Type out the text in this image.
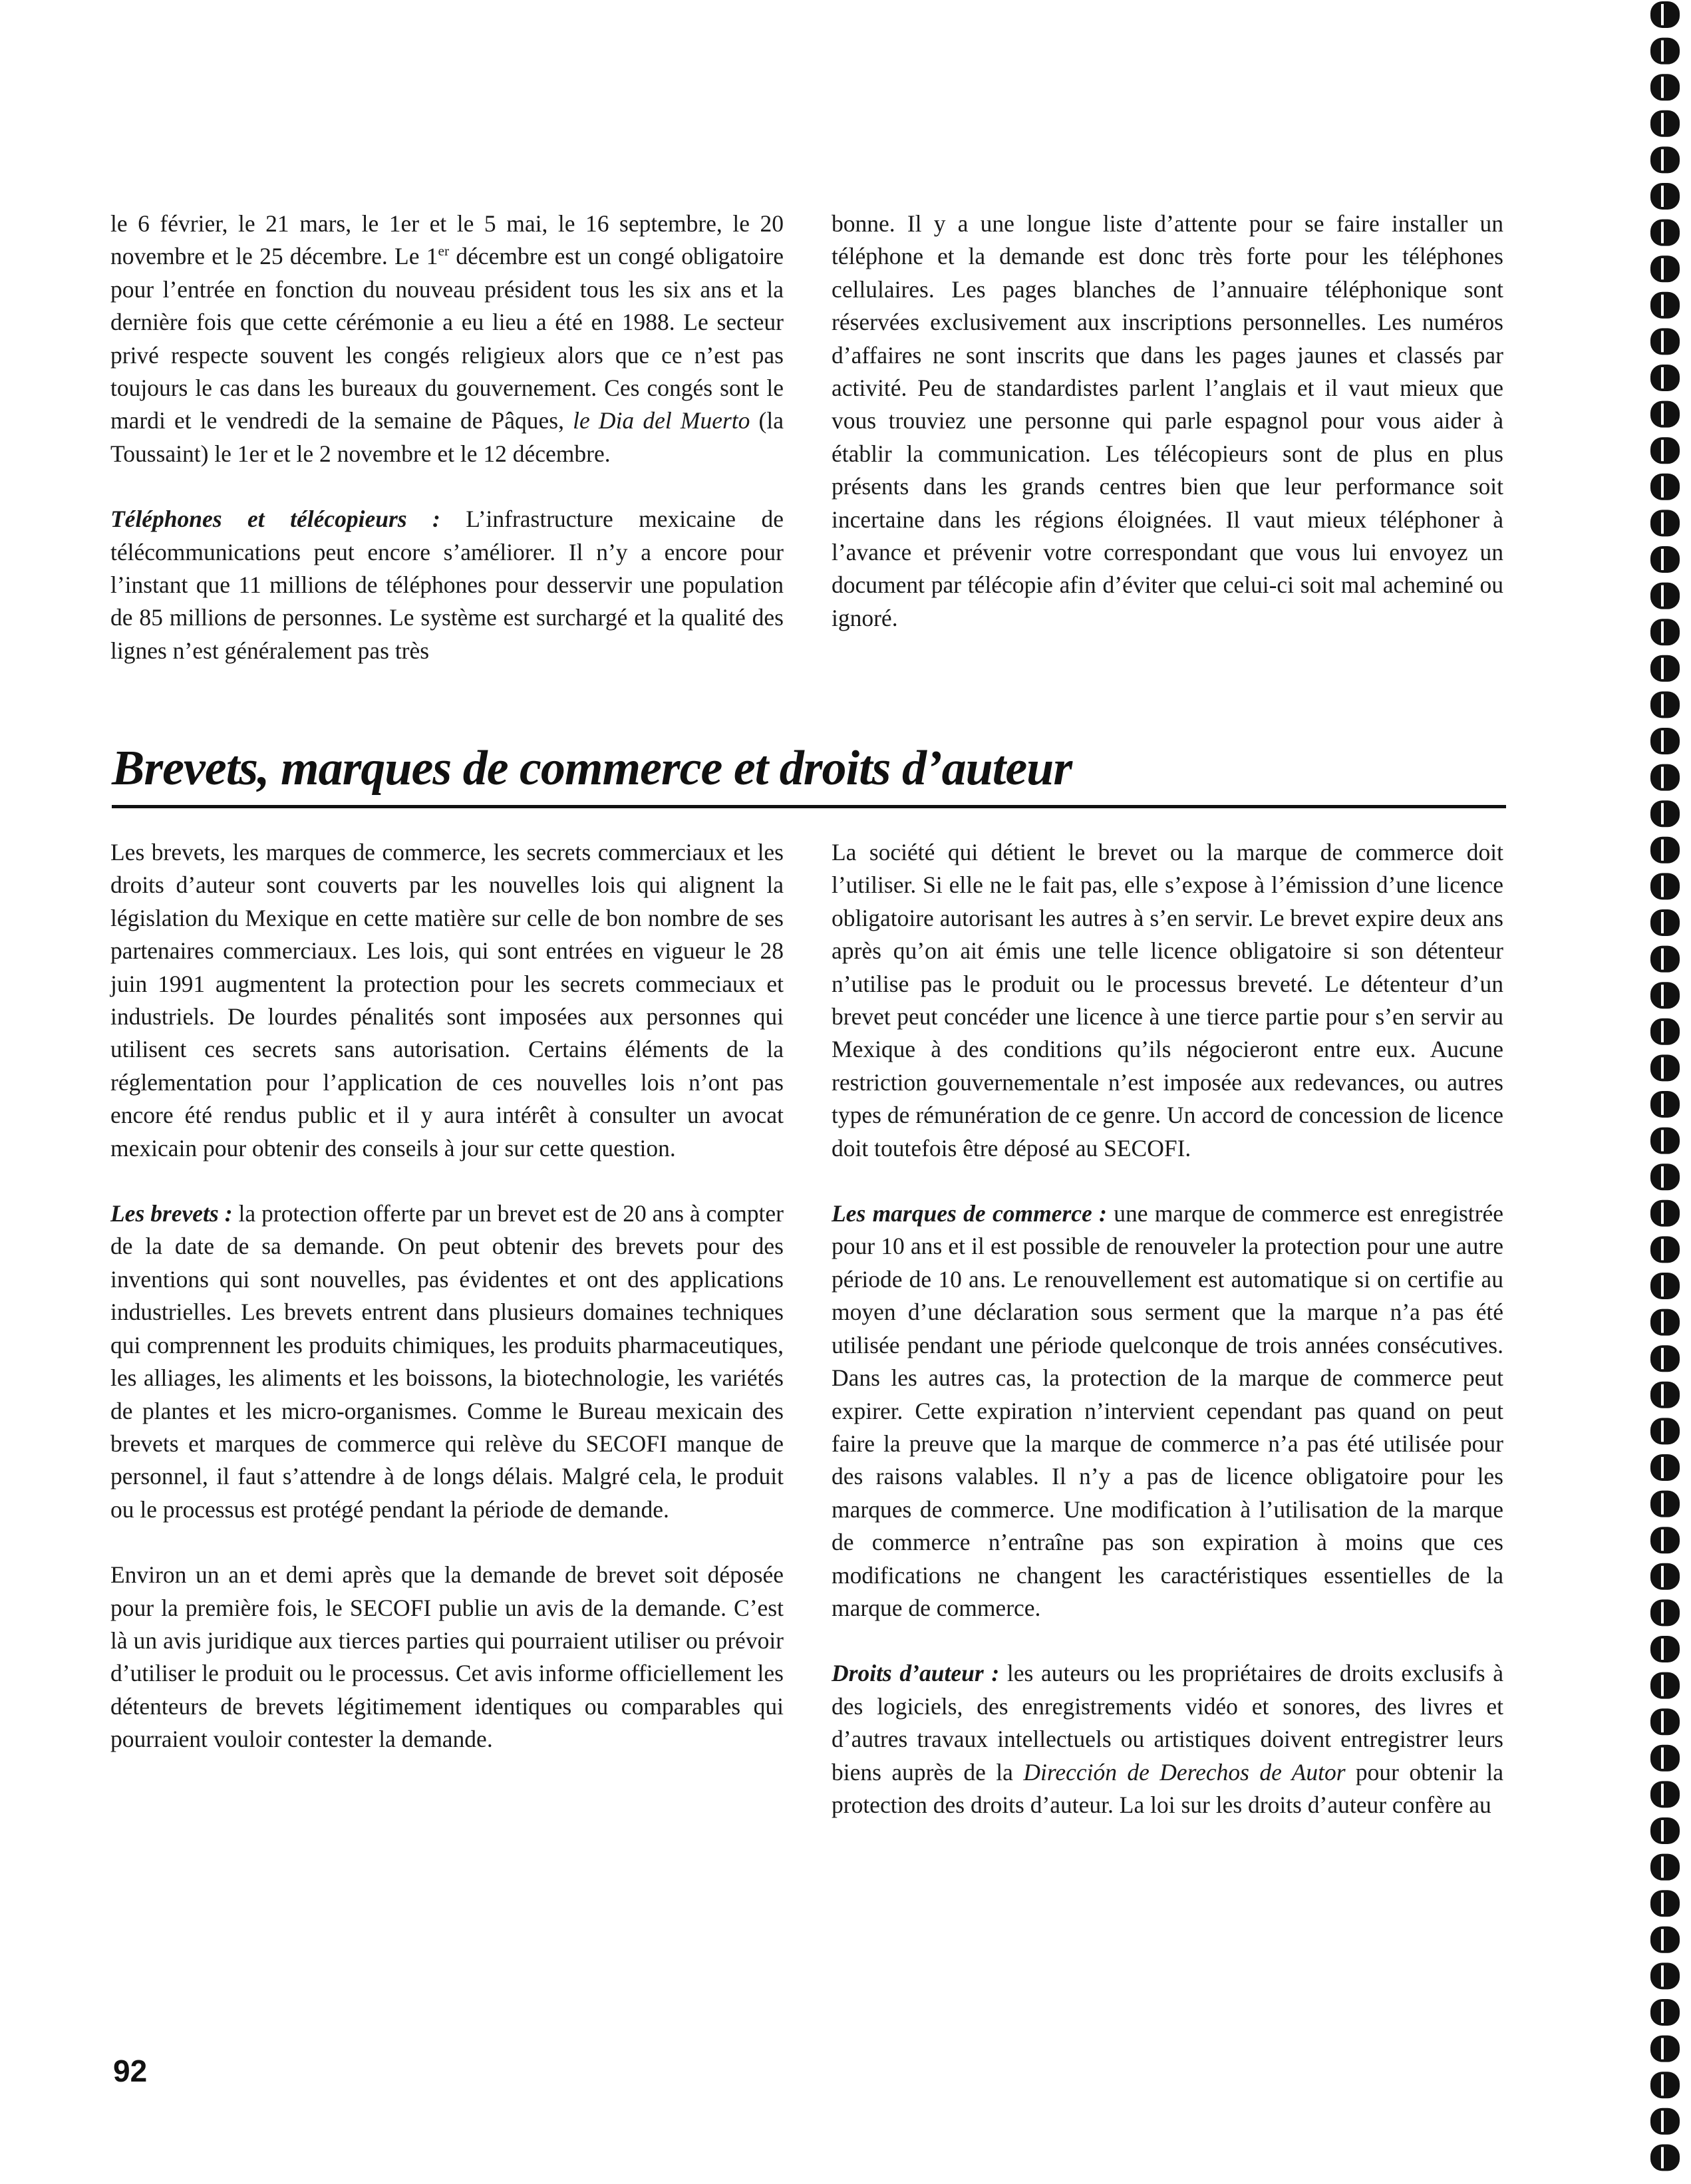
le 6 février, le 21 mars, le 1er et le 5 mai, le 16 septembre, le 20 novembre et le 25 décembre. Le 1er décembre est un congé obligatoire pour l’entrée en fonction du nouveau président tous les six ans et la dernière fois que cette cérémonie a eu lieu a été en 1988. Le secteur privé respecte souvent les congés religieux alors que ce n’est pas toujours le cas dans les bureaux du gouvernement. Ces congés sont le mardi et le vendredi de la semaine de Pâques, le Dia del Muerto (la Toussaint) le 1er et le 2 novembre et le 12 décembre.

Téléphones et télécopieurs : L’infrastructure mexicaine de télécommunications peut encore s’améliorer. Il n’y a encore pour l’instant que 11 millions de téléphones pour desservir une population de 85 millions de personnes. Le système est surchargé et la qualité des lignes n’est généralement pas très

bonne. Il y a une longue liste d’attente pour se faire installer un téléphone et la demande est donc très forte pour les téléphones cellulaires. Les pages blanches de l’annuaire téléphonique sont réservées exclusivement aux inscriptions personnelles. Les numéros d’affaires ne sont inscrits que dans les pages jaunes et classés par activité. Peu de standardistes parlent l’anglais et il vaut mieux que vous trouviez une personne qui parle espagnol pour vous aider à établir la communication. Les télécopieurs sont de plus en plus présents dans les grands centres bien que leur performance soit incertaine dans les régions éloignées. Il vaut mieux téléphoner à l’avance et prévenir votre correspondant que vous lui envoyez un document par télécopie afin d’éviter que celui-ci soit mal acheminé ou ignoré.

Brevets, marques de commerce et droits d’auteur

Les brevets, les marques de commerce, les secrets commerciaux et les droits d’auteur sont couverts par les nouvelles lois qui alignent la législation du Mexique en cette matière sur celle de bon nombre de ses partenaires commerciaux. Les lois, qui sont entrées en vigueur le 28 juin 1991 augmentent la protection pour les secrets commeciaux et industriels. De lourdes pénalités sont imposées aux personnes qui utilisent ces secrets sans autorisation. Certains éléments de la réglementation pour l’application de ces nouvelles lois n’ont pas encore été rendus public et il y aura intérêt à consulter un avocat mexicain pour obtenir des conseils à jour sur cette question.

Les brevets : la protection offerte par un brevet est de 20 ans à compter de la date de sa demande. On peut obtenir des brevets pour des inventions qui sont nouvelles, pas évidentes et ont des applications industrielles. Les brevets entrent dans plusieurs domaines techniques qui comprennent les produits chimiques, les produits pharmaceutiques, les alliages, les aliments et les boissons, la biotechnologie, les variétés de plantes et les micro-organismes. Comme le Bureau mexicain des brevets et marques de commerce qui relève du SECOFI manque de personnel, il faut s’attendre à de longs délais. Malgré cela, le produit ou le processus est protégé pendant la période de demande.

Environ un an et demi après que la demande de brevet soit déposée pour la première fois, le SECOFI publie un avis de la demande. C’est là un avis juridique aux tierces parties qui pourraient utiliser ou prévoir d’utiliser le produit ou le processus. Cet avis informe officiellement les détenteurs de brevets légitimement identiques ou comparables qui pourraient vouloir contester la demande.

La société qui détient le brevet ou la marque de commerce doit l’utiliser. Si elle ne le fait pas, elle s’expose à l’émission d’une licence obligatoire autorisant les autres à s’en servir. Le brevet expire deux ans après qu’on ait émis une telle licence obligatoire si son détenteur n’utilise pas le produit ou le processus breveté. Le détenteur d’un brevet peut concéder une licence à une tierce partie pour s’en servir au Mexique à des conditions qu’ils négocieront entre eux. Aucune restriction gouvernementale n’est imposée aux redevances, ou autres types de rémunération de ce genre. Un accord de concession de licence doit toutefois être déposé au SECOFI.

Les marques de commerce : une marque de commerce est enregistrée pour 10 ans et il est possible de renouveler la protection pour une autre période de 10 ans. Le renouvellement est automatique si on certifie au moyen d’une déclaration sous serment que la marque n’a pas été utilisée pendant une période quelconque de trois années consécutives. Dans les autres cas, la protection de la marque de commerce peut expirer. Cette expiration n’intervient cependant pas quand on peut faire la preuve que la marque de commerce n’a pas été utilisée pour des raisons valables. Il n’y a pas de licence obligatoire pour les marques de commerce. Une modification à l’utilisation de la marque de commerce n’entraîne pas son expiration à moins que ces modifications ne changent les caractéristiques essentielles de la marque de commerce.

Droits d’auteur : les auteurs ou les propriétaires de droits exclusifs à des logiciels, des enregistrements vidéo et sonores, des livres et d’autres travaux intellectuels ou artistiques doivent entregistrer leurs biens auprès de la Dirección de Derechos de Autor pour obtenir la protection des droits d’auteur. La loi sur les droits d’auteur confère au

92
